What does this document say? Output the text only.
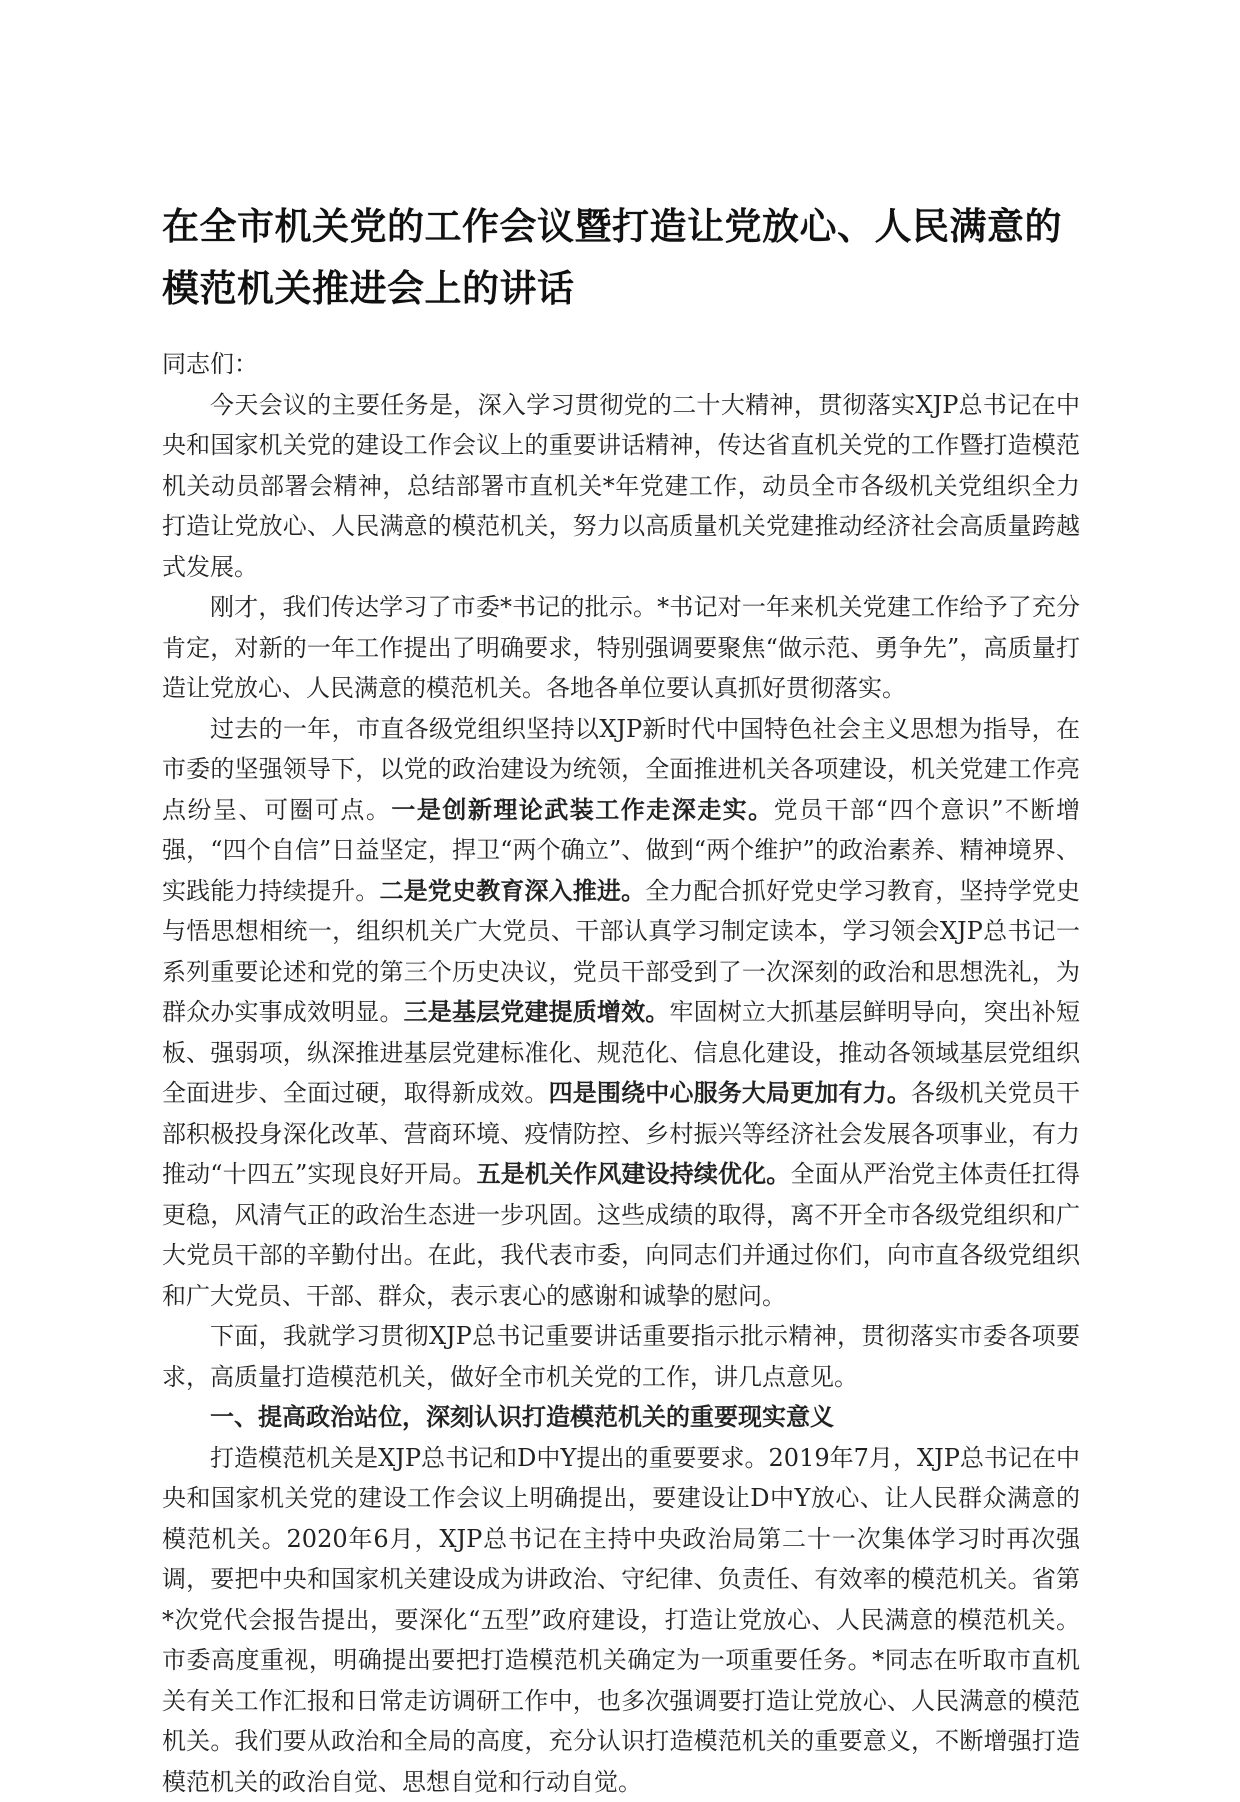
在全市机关党的工作会议暨打造让党放心、人民满意的
模范机关推进会上的讲话

同志们：

今天会议的主要任务是，深入学习贯彻党的二十大精神，贯彻落实XJP总书记在中央和国家机关党的建设工作会议上的重要讲话精神，传达省直机关党的工作暨打造模范机关动员部署会精神，总结部署市直机关*年党建工作，动员全市各级机关党组织全力打造让党放心、人民满意的模范机关，努力以高质量机关党建推动经济社会高质量跨越式发展。

刚才，我们传达学习了市委*书记的批示。*书记对一年来机关党建工作给予了充分肯定，对新的一年工作提出了明确要求，特别强调要聚焦“做示范、勇争先”，高质量打造让党放心、人民满意的模范机关。各地各单位要认真抓好贯彻落实。

过去的一年，市直各级党组织坚持以XJP新时代中国特色社会主义思想为指导，在市委的坚强领导下，以党的政治建设为统领，全面推进机关各项建设，机关党建工作亮点纷呈、可圈可点。一是创新理论武装工作走深走实。党员干部“四个意识”不断增强，“四个自信”日益坚定，捍卫“两个确立”、做到“两个维护”的政治素养、精神境界、实践能力持续提升。二是党史教育深入推进。全力配合抓好党史学习教育，坚持学党史与悟思想相统一，组织机关广大党员、干部认真学习制定读本，学习领会XJP总书记一系列重要论述和党的第三个历史决议，党员干部受到了一次深刻的政治和思想洗礼，为群众办实事成效明显。三是基层党建提质增效。牢固树立大抓基层鲜明导向，突出补短板、强弱项，纵深推进基层党建标准化、规范化、信息化建设，推动各领域基层党组织全面进步、全面过硬，取得新成效。四是围绕中心服务大局更加有力。各级机关党员干部积极投身深化改革、营商环境、疫情防控、乡村振兴等经济社会发展各项事业，有力推动“十四五”实现良好开局。五是机关作风建设持续优化。全面从严治党主体责任扛得更稳，风清气正的政治生态进一步巩固。这些成绩的取得，离不开全市各级党组织和广大党员干部的辛勤付出。在此，我代表市委，向同志们并通过你们，向市直各级党组织和广大党员、干部、群众，表示衷心的感谢和诚挚的慰问。

下面，我就学习贯彻XJP总书记重要讲话重要指示批示精神，贯彻落实市委各项要求，高质量打造模范机关，做好全市机关党的工作，讲几点意见。

一、提高政治站位，深刻认识打造模范机关的重要现实意义

打造模范机关是XJP总书记和D中Y提出的重要要求。2019年7月，XJP总书记在中央和国家机关党的建设工作会议上明确提出，要建设让D中Y放心、让人民群众满意的模范机关。2020年6月，XJP总书记在主持中央政治局第二十一次集体学习时再次强调，要把中央和国家机关建设成为讲政治、守纪律、负责任、有效率的模范机关。省第*次党代会报告提出，要深化“五型”政府建设，打造让党放心、人民满意的模范机关。市委高度重视，明确提出要把打造模范机关确定为一项重要任务。*同志在听取市直机关有关工作汇报和日常走访调研工作中，也多次强调要打造让党放心、人民满意的模范机关。我们要从政治和全局的高度，充分认识打造模范机关的重要意义，不断增强打造模范机关的政治自觉、思想自觉和行动自觉。
